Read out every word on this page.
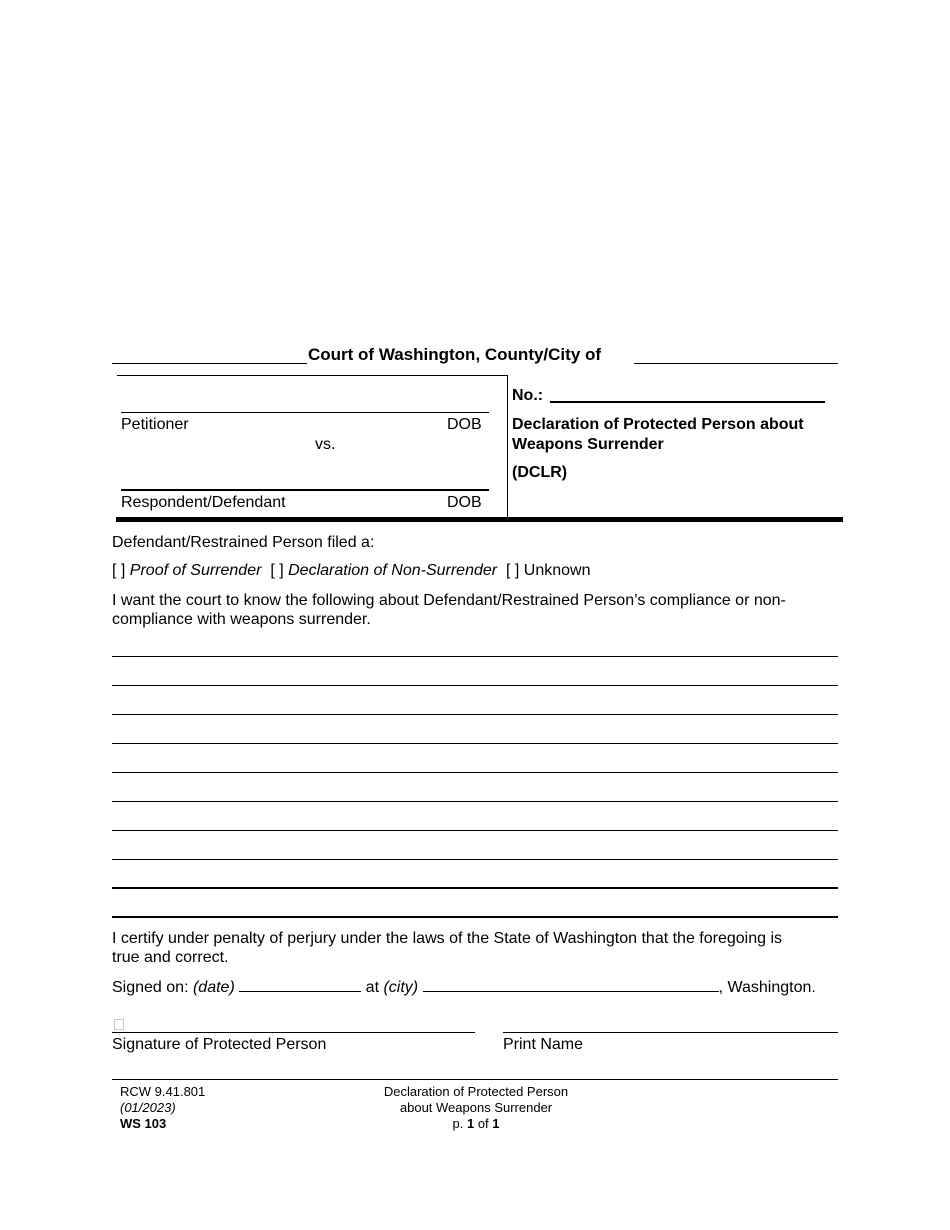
Court of Washington, County/City of
Petitioner	DOB
vs.
Respondent/Defendant	DOB
No.:
Declaration of Protected Person about
Weapons Surrender
(DCLR)
Defendant/Restrained Person filed a:
[ ] Proof of Surrender [ ] Declaration of Non-Surrender [ ] Unknown
I want the court to know the following about Defendant/Restrained Person’s compliance or non-
compliance with weapons surrender.
I certify under penalty of perjury under the laws of the State of Washington that the foregoing is
true and correct.
Signed on: (date)	at (city)	, Washington.
Signature of Protected Person	Print Name
RCW 9.41.801
(01/2023)
WS 103
Declaration of Protected Person
about Weapons Surrender
p. 1 of 1
